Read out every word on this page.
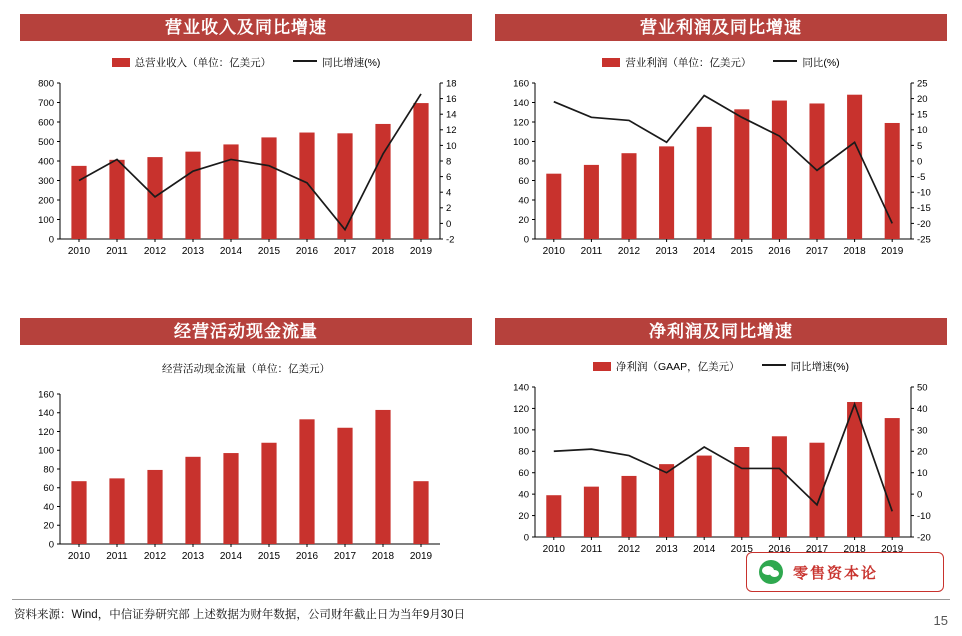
营业收入及同比增速
总营业收入（单位：亿美元）	同比增速(%)
0
100
200
300
400
500
600
700
800
-2
0
2
4
6
8
10
12
14
16
18
2010 2011 2012 2013 2014 2015 2016 2017 2018 2019
营业利润及同比增速
营业利润（单位：亿美元）	同比(%)
0
20
40
60
80
100
120
140
160
-25
-20
-15
-10
-5
0
5
10
15
20
25
2010 2011 2012 2013 2014 2015 2016 2017 2018 2019
经营活动现金流量
经营活动现金流量（单位：亿美元）
0
20
40
60
80
100
120
140
160
2010 2011 2012 2013 2014 2015 2016 2017 2018 2019
净利润及同比增速
净利润（GAAP，亿美元）	同比增速(%)
0
20
40
60
80
100
120
140
-20
-10
0
10
20
30
40
50
2010 2011 2012 2013 2014 2015 2016 2017 2018 2019
资料来源：Wind，中信证券研究部 上述数据为财年数据，公司财年截止日为当年9月30日	15
零售资本论
